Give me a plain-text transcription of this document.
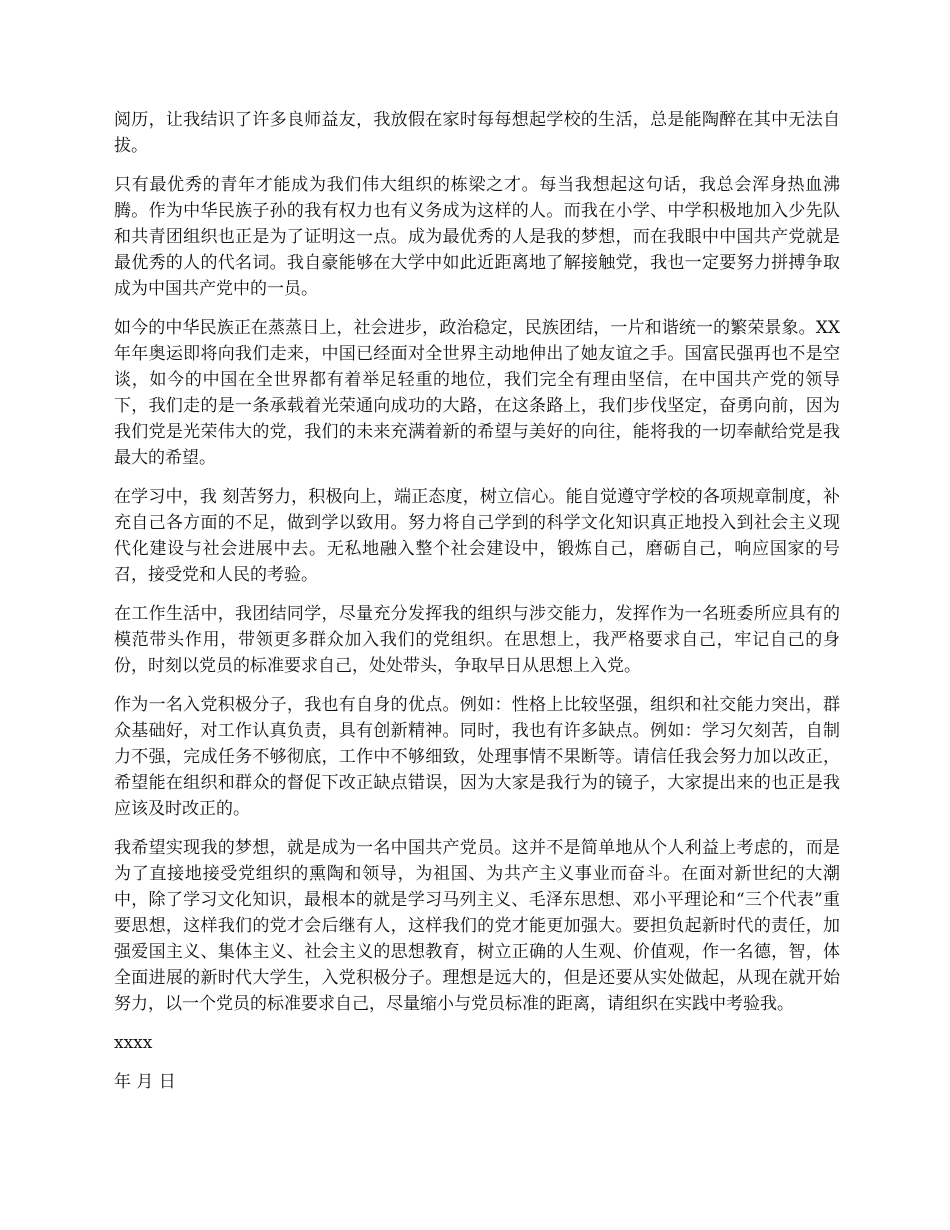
阅历，让我结识了许多良师益友，我放假在家时每每想起学校的生活，总是能陶醉在其中无法自拔。

只有最优秀的青年才能成为我们伟大组织的栋梁之才。每当我想起这句话，我总会浑身热血沸腾。作为中华民族子孙的我有权力也有义务成为这样的人。而我在小学、中学积极地加入少先队和共青团组织也正是为了证明这一点。成为最优秀的人是我的梦想，而在我眼中中国共产党就是最优秀的人的代名词。我自豪能够在大学中如此近距离地了解接触党，我也一定要努力拼搏争取成为中国共产党中的一员。

如今的中华民族正在蒸蒸日上，社会进步，政治稳定，民族团结，一片和谐统一的繁荣景象。XX年年奥运即将向我们走来，中国已经面对全世界主动地伸出了她友谊之手。国富民强再也不是空谈，如今的中国在全世界都有着举足轻重的地位，我们完全有理由坚信，在中国共产党的领导下，我们走的是一条承载着光荣通向成功的大路，在这条路上，我们步伐坚定，奋勇向前，因为我们党是光荣伟大的党，我们的未来充满着新的希望与美好的向往，能将我的一切奉献给党是我最大的希望。

在学习中，我 刻苦努力，积极向上，端正态度，树立信心。能自觉遵守学校的各项规章制度，补充自己各方面的不足，做到学以致用。努力将自己学到的科学文化知识真正地投入到社会主义现代化建设与社会进展中去。无私地融入整个社会建设中，锻炼自己，磨砺自己，响应国家的号召，接受党和人民的考验。

在工作生活中，我团结同学，尽量充分发挥我的组织与涉交能力，发挥作为一名班委所应具有的模范带头作用，带领更多群众加入我们的党组织。在思想上，我严格要求自己，牢记自己的身份，时刻以党员的标准要求自己，处处带头，争取早日从思想上入党。

作为一名入党积极分子，我也有自身的优点。例如：性格上比较坚强，组织和社交能力突出，群众基础好，对工作认真负责，具有创新精神。同时，我也有许多缺点。例如：学习欠刻苦，自制力不强，完成任务不够彻底，工作中不够细致，处理事情不果断等。请信任我会努力加以改正，希望能在组织和群众的督促下改正缺点错误，因为大家是我行为的镜子，大家提出来的也正是我应该及时改正的。

我希望实现我的梦想，就是成为一名中国共产党员。这并不是简单地从个人利益上考虑的，而是为了直接地接受党组织的熏陶和领导，为祖国、为共产主义事业而奋斗。在面对新世纪的大潮中，除了学习文化知识，最根本的就是学习马列主义、毛泽东思想、邓小平理论和“三个代表”重要思想，这样我们的党才会后继有人，这样我们的党才能更加强大。要担负起新时代的责任，加强爱国主义、集体主义、社会主义的思想教育，树立正确的人生观、价值观，作一名德，智，体全面进展的新时代大学生，入党积极分子。理想是远大的，但是还要从实处做起，从现在就开始努力，以一个党员的标准要求自己，尽量缩小与党员标准的距离，请组织在实践中考验我。

xxxx

年 月 日
